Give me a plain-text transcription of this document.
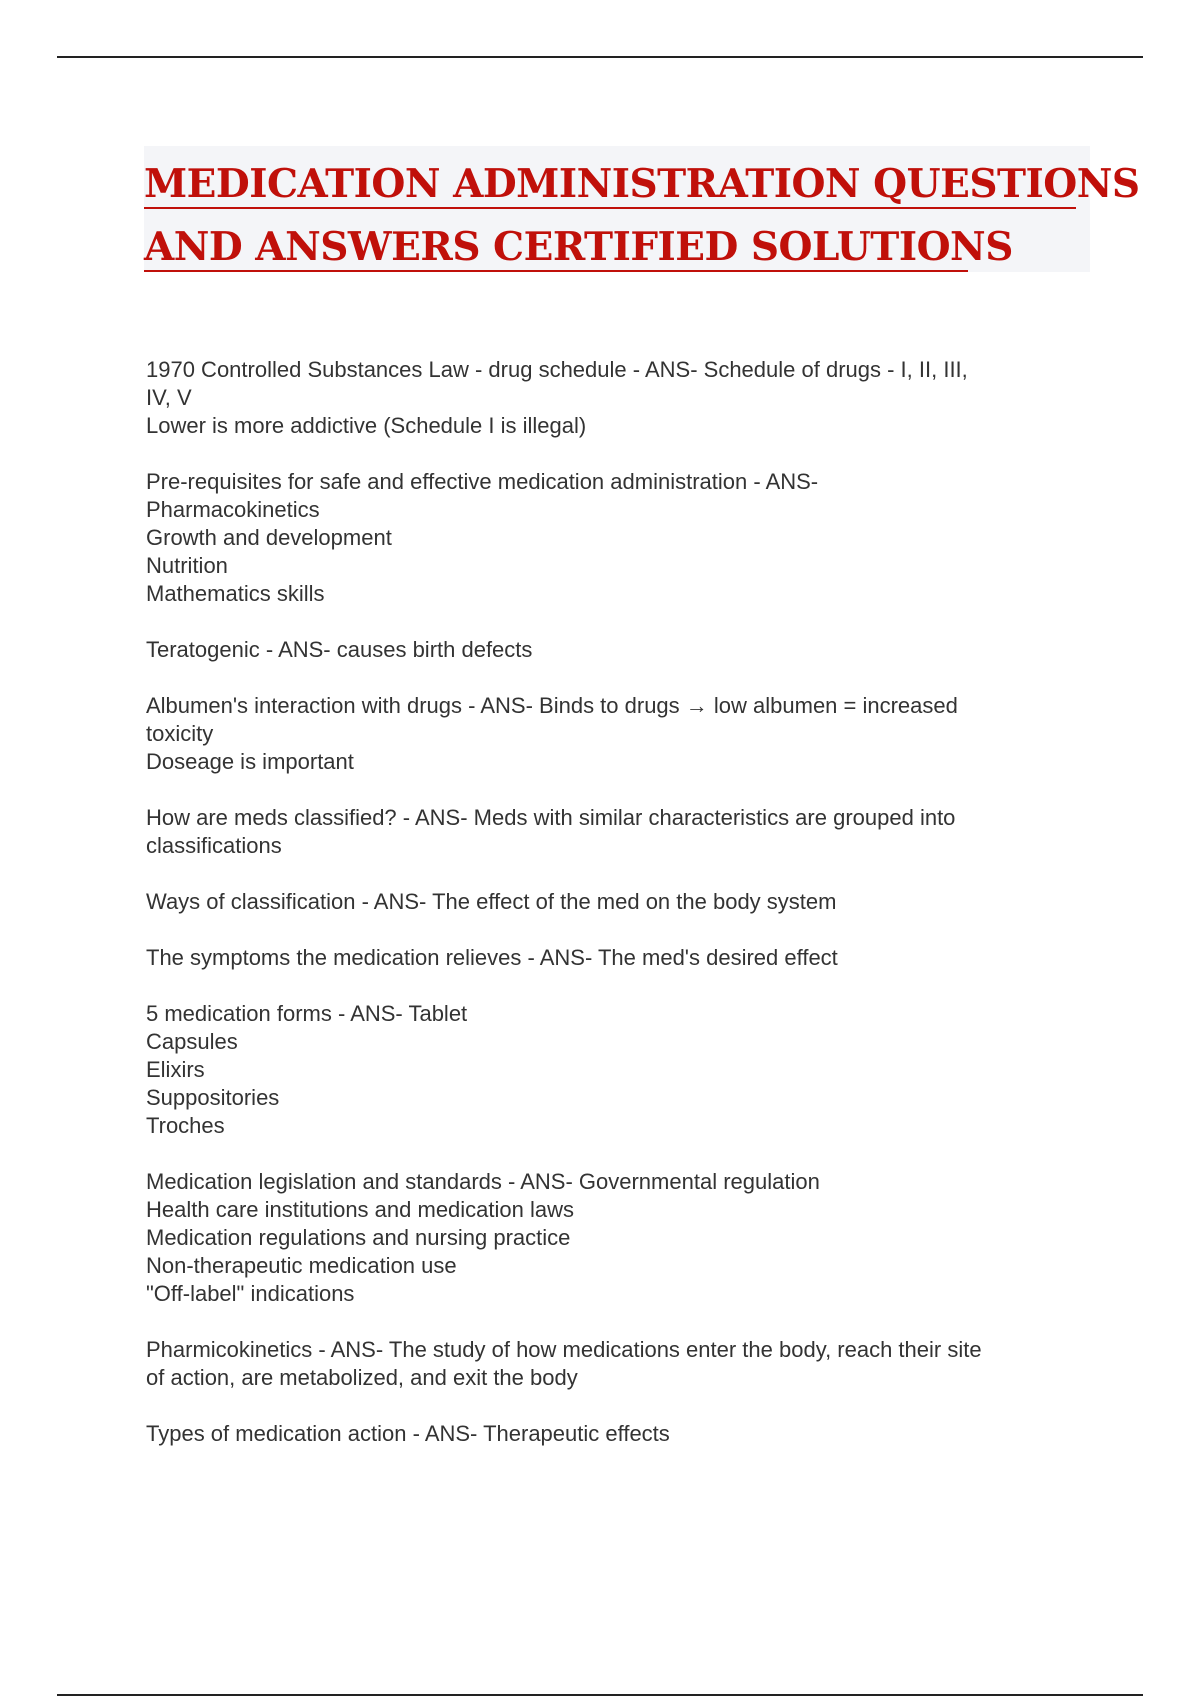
MEDICATION ADMINISTRATION QUESTIONS
AND ANSWERS CERTIFIED SOLUTIONS
1970 Controlled Substances Law - drug schedule - ANS- Schedule of drugs - I, II, III,
IV, V
Lower is more addictive (Schedule I is illegal)
Pre-requisites for safe and effective medication administration - ANS-
Pharmacokinetics
Growth and development
Nutrition
Mathematics skills
Teratogenic - ANS- causes birth defects
Albumen's interaction with drugs - ANS- Binds to drugs → low albumen = increased
toxicity
Doseage is important
How are meds classified? - ANS- Meds with similar characteristics are grouped into
classifications
Ways of classification - ANS- The effect of the med on the body system
The symptoms the medication relieves - ANS- The med's desired effect
5 medication forms - ANS- Tablet
Capsules
Elixirs
Suppositories
Troches
Medication legislation and standards - ANS- Governmental regulation
Health care institutions and medication laws
Medication regulations and nursing practice
Non-therapeutic medication use
"Off-label" indications
Pharmicokinetics - ANS- The study of how medications enter the body, reach their site
of action, are metabolized, and exit the body
Types of medication action - ANS- Therapeutic effects
